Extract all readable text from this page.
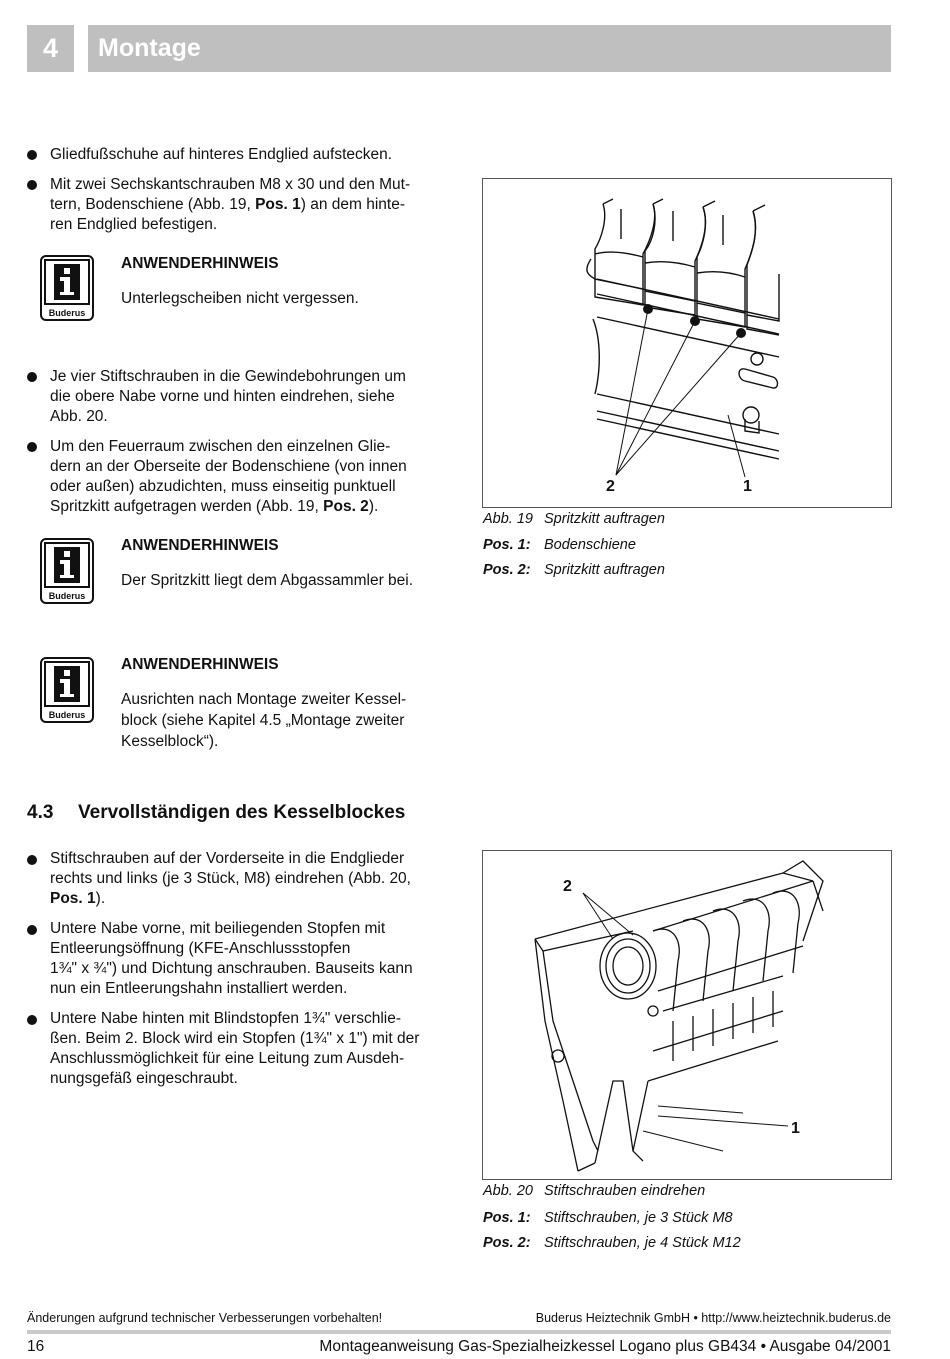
4	Montage
Gliedfußschuhe auf hinteres Endglied aufstecken.
Mit zwei Sechskantschrauben M8 x 30 und den Mut-
tern, Bodenschiene (Abb. 19, Pos. 1) an dem hinte-
ren Endglied befestigen.
Buderus
ANWENDERHINWEIS
Unterlegscheiben nicht vergessen.
Je vier Stiftschrauben in die Gewindebohrungen um
die obere Nabe vorne und hinten eindrehen, siehe
Abb. 20.
Um den Feuerraum zwischen den einzelnen Glie-
dern an der Oberseite der Bodenschiene (von innen
oder außen) abzudichten, muss einseitig punktuell
Spritzkitt aufgetragen werden (Abb. 19, Pos. 2).
Buderus
ANWENDERHINWEIS
Der Spritzkitt liegt dem Abgassammler bei.
Buderus
ANWENDERHINWEIS
Ausrichten nach Montage zweiter Kessel-
block (siehe Kapitel 4.5 „Montage zweiter
Kesselblock“).
4.3 Vervollständigen des Kesselblockes
Stiftschrauben auf der Vorderseite in die Endglieder
rechts und links (je 3 Stück, M8) eindrehen (Abb. 20,
Pos. 1).
Untere Nabe vorne, mit beiliegenden Stopfen mit
Entleerungsöffnung (KFE-Anschlussstopfen
1¾" x ¾") und Dichtung anschrauben. Bauseits kann
nun ein Entleerungshahn installiert werden.
Untere Nabe hinten mit Blindstopfen 1¾" verschlie-
ßen. Beim 2. Block wird ein Stopfen (1¾" x 1") mit der
Anschlussmöglichkeit für eine Leitung zum Ausdeh-
nungsgefäß eingeschraubt.
2	1
Abb. 19 Spritzkitt auftragen
Pos. 1: Bodenschiene
Pos. 2: Spritzkitt auftragen
2
1
Abb. 20 Stiftschrauben eindrehen
Pos. 1: Stiftschrauben, je 3 Stück M8
Pos. 2: Stiftschrauben, je 4 Stück M12
Änderungen aufgrund technischer Verbesserungen vorbehalten!	Buderus Heiztechnik GmbH • http://www.heiztechnik.buderus.de
16	Montageanweisung Gas-Spezialheizkessel Logano plus GB434 • Ausgabe 04/2001
